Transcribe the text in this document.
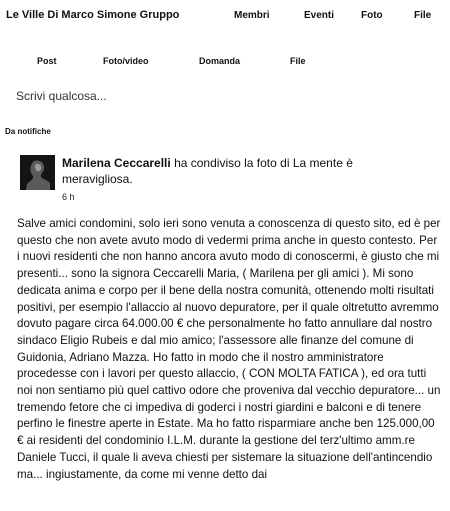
Le Ville Di Marco Simone Gruppo	Membri	Eventi	Foto	File
Post	Foto/video	Domanda	File
Scrivi qualcosa...
Da notifiche
Marilena Ceccarelli ha condiviso la foto di La mente è meravigliosa.
6 h
Salve amici condomini, solo ieri sono venuta a conoscenza di questo sito, ed è per questo che non avete avuto modo di vedermi prima anche in questo contesto. Per i nuovi residenti che non hanno ancora avuto modo di conoscermi, è giusto che mi presenti... sono la signora Ceccarelli Maria, ( Marilena per gli amici ). Mi sono dedicata anima e corpo per il bene della nostra comunità, ottenendo molti risultati positivi, per esempio l'allaccio al nuovo depuratore, per il quale oltretutto avremmo dovuto pagare circa 64.000.00 € che personalmente ho fatto annullare dal nostro sindaco Eligio Rubeis e dal mio amico; l'assessore alle finanze del comune di Guidonia, Adriano Mazza. Ho fatto in modo che il nostro amministratore procedesse con i lavori per questo allaccio, ( CON MOLTA FATICA ), ed ora tutti noi non sentiamo più quel cattivo odore che proveniva dal vecchio depuratore... un tremendo fetore che ci impediva di goderci i nostri giardini e balconi e di tenere perfino le finestre aperte in Estate. Ma ho fatto risparmiare anche ben 125.000,00 € ai residenti del condominio I.L.M. durante la gestione del terz'ultimo amm.re Daniele Tucci, il quale li aveva chiesti per sistemare la situazione dell'antincendio ma... ingiustamente, da come mi venne detto dai
